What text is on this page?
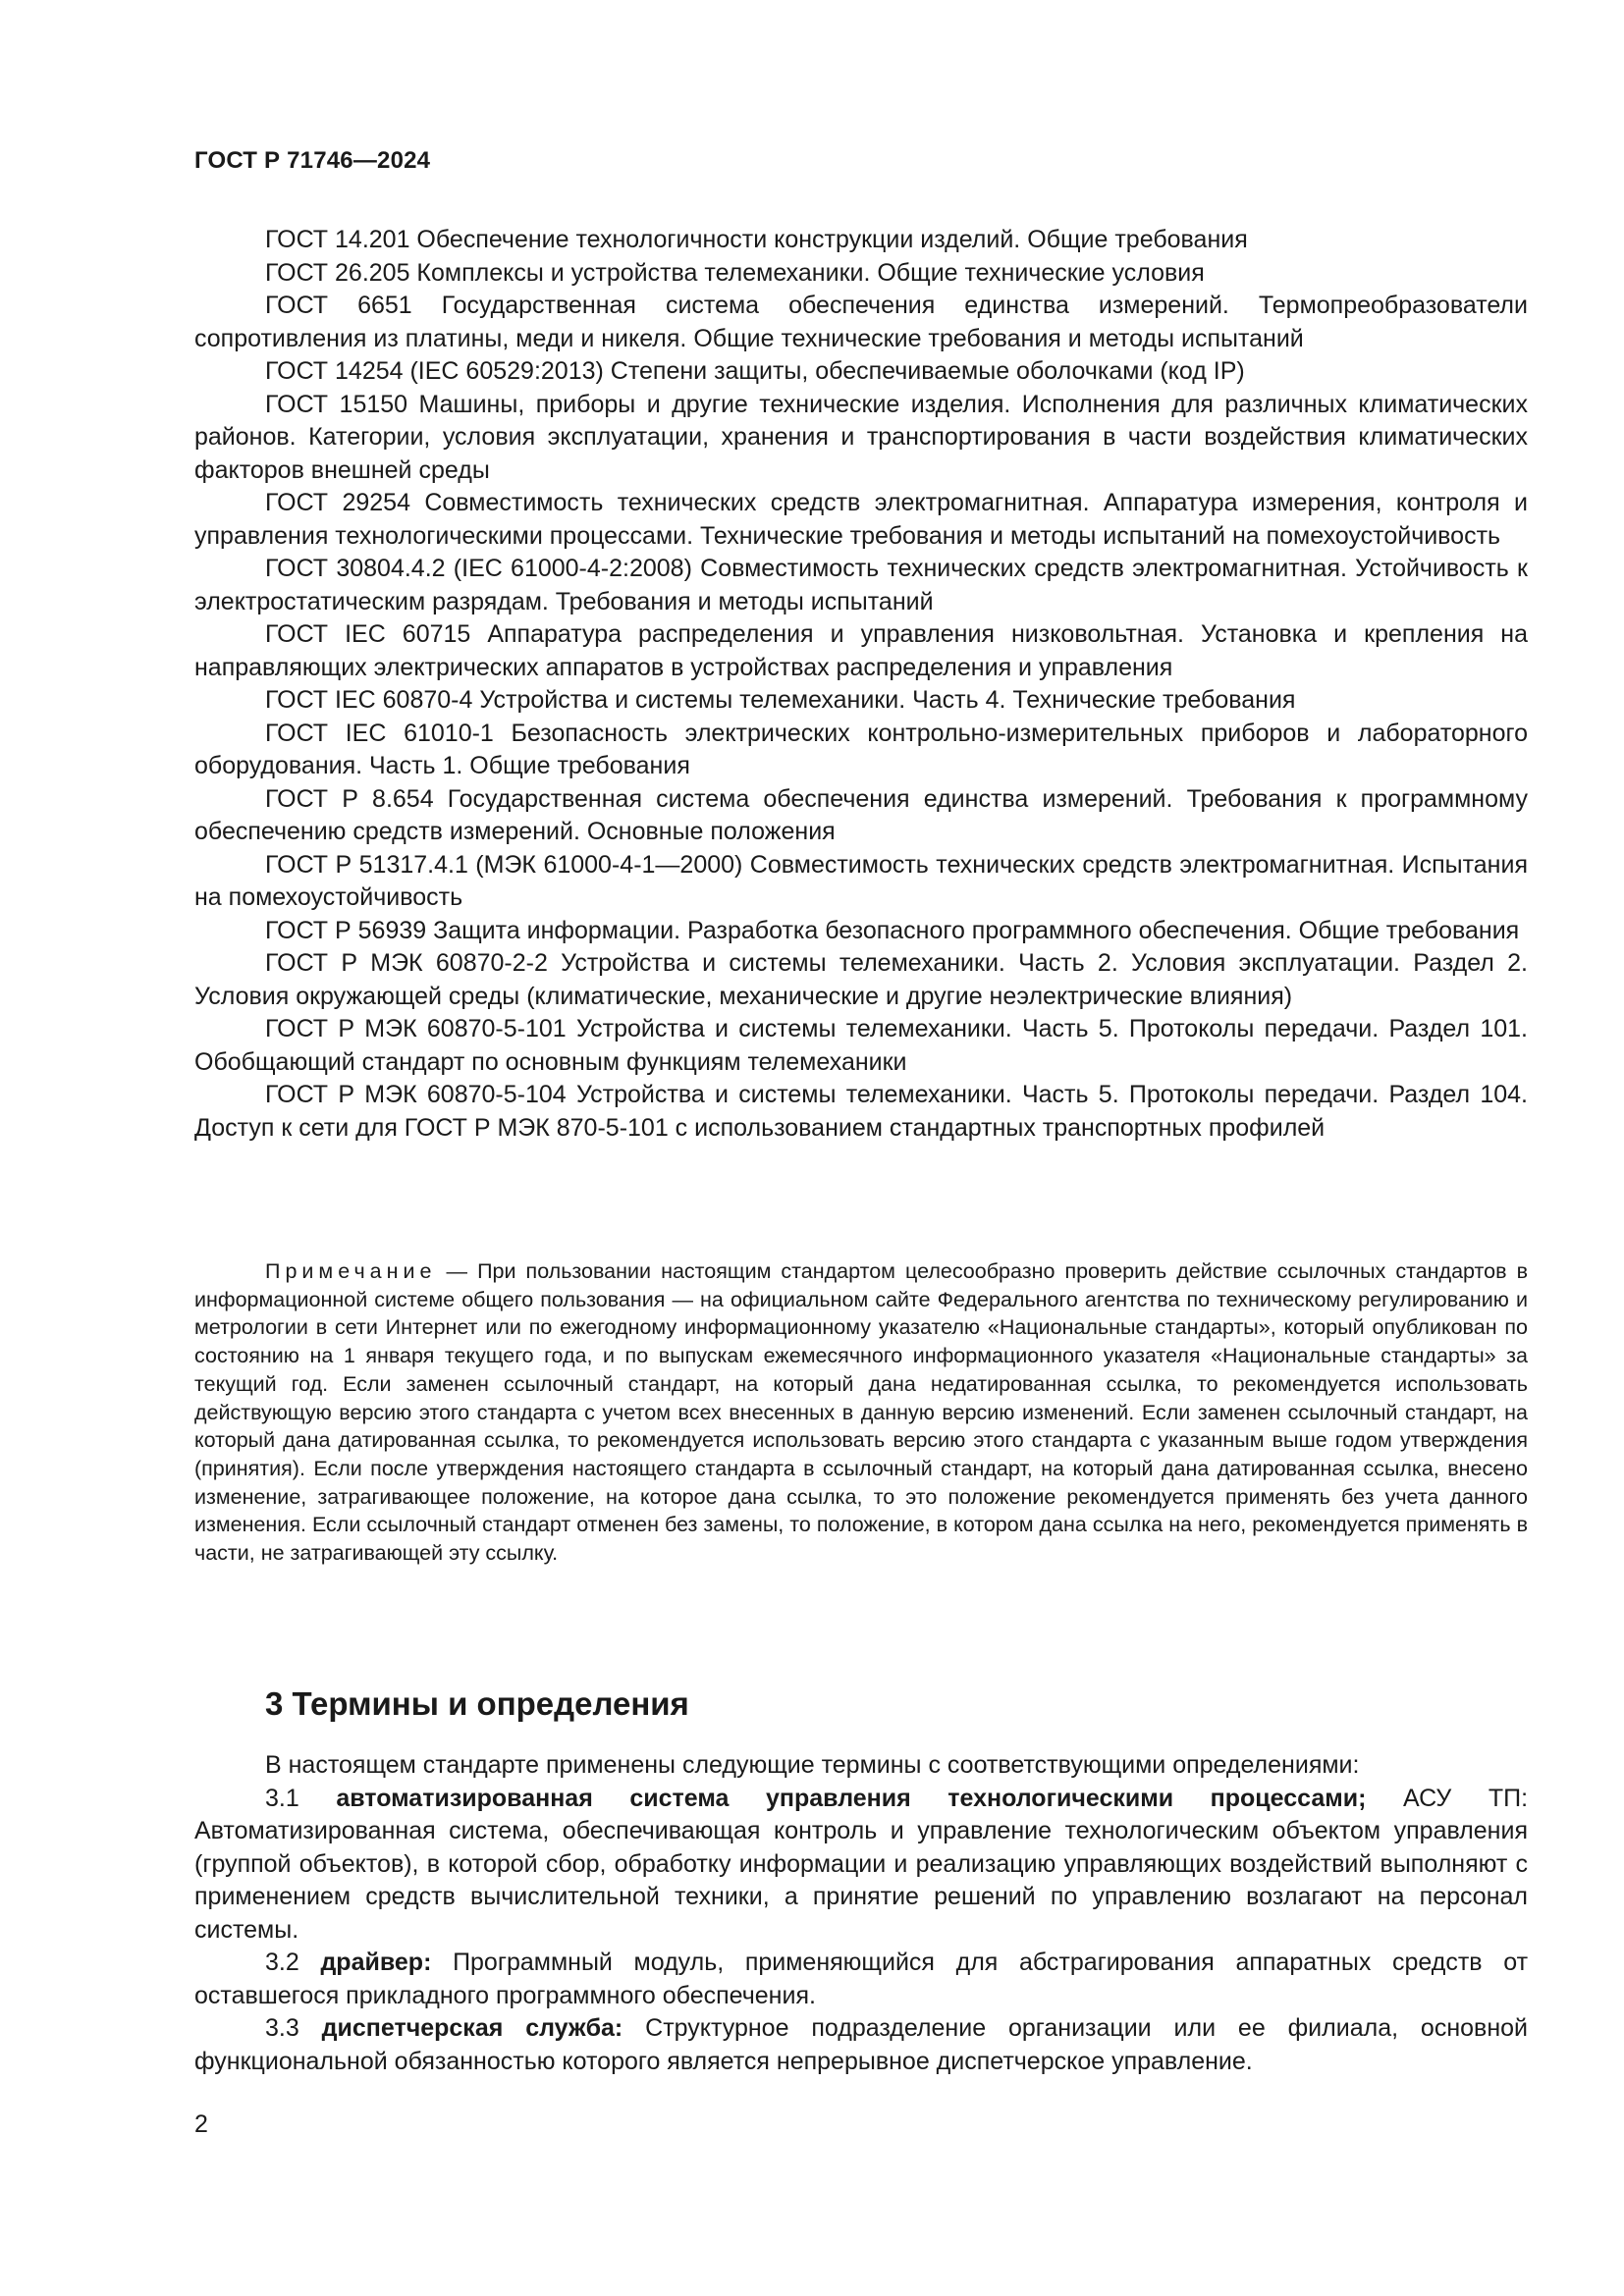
ГОСТ Р 71746—2024

ГОСТ 14.201 Обеспечение технологичности конструкции изделий. Общие требования

ГОСТ 26.205 Комплексы и устройства телемеханики. Общие технические условия

ГОСТ 6651 Государственная система обеспечения единства измерений. Термопреобразователи сопротивления из платины, меди и никеля. Общие технические требования и методы испытаний

ГОСТ 14254 (IEC 60529:2013) Степени защиты, обеспечиваемые оболочками (код IP)

ГОСТ 15150 Машины, приборы и другие технические изделия. Исполнения для различных климатических районов. Категории, условия эксплуатации, хранения и транспортирования в части воздействия климатических факторов внешней среды

ГОСТ 29254 Совместимость технических средств электромагнитная. Аппаратура измерения, контроля и управления технологическими процессами. Технические требования и методы испытаний на помехоустойчивость

ГОСТ 30804.4.2 (IEC 61000-4-2:2008) Совместимость технических средств электромагнитная. Устойчивость к электростатическим разрядам. Требования и методы испытаний

ГОСТ IEC 60715 Аппаратура распределения и управления низковольтная. Установка и крепления на направляющих электрических аппаратов в устройствах распределения и управления

ГОСТ IEC 60870-4 Устройства и системы телемеханики. Часть 4. Технические требования

ГОСТ IEC 61010-1 Безопасность электрических контрольно-измерительных приборов и лабораторного оборудования. Часть 1. Общие требования

ГОСТ Р 8.654 Государственная система обеспечения единства измерений. Требования к программному обеспечению средств измерений. Основные положения

ГОСТ Р 51317.4.1 (МЭК 61000-4-1—2000) Совместимость технических средств электромагнитная. Испытания на помехоустойчивость

ГОСТ Р 56939 Защита информации. Разработка безопасного программного обеспечения. Общие требования

ГОСТ Р МЭК 60870-2-2 Устройства и системы телемеханики. Часть 2. Условия эксплуатации. Раздел 2. Условия окружающей среды (климатические, механические и другие неэлектрические влияния)

ГОСТ Р МЭК 60870-5-101 Устройства и системы телемеханики. Часть 5. Протоколы передачи. Раздел 101. Обобщающий стандарт по основным функциям телемеханики

ГОСТ Р МЭК 60870-5-104 Устройства и системы телемеханики. Часть 5. Протоколы передачи. Раздел 104. Доступ к сети для ГОСТ Р МЭК 870-5-101 с использованием стандартных транспортных профилей

Примечание — При пользовании настоящим стандартом целесообразно проверить действие ссылочных стандартов в информационной системе общего пользования — на официальном сайте Федерального агентства по техническому регулированию и метрологии в сети Интернет или по ежегодному информационному указателю «Национальные стандарты», который опубликован по состоянию на 1 января текущего года, и по выпускам ежемесячного информационного указателя «Национальные стандарты» за текущий год. Если заменен ссылочный стандарт, на который дана недатированная ссылка, то рекомендуется использовать действующую версию этого стандарта с учетом всех внесенных в данную версию изменений. Если заменен ссылочный стандарт, на который дана датированная ссылка, то рекомендуется использовать версию этого стандарта с указанным выше годом утверждения (принятия). Если после утверждения настоящего стандарта в ссылочный стандарт, на который дана датированная ссылка, внесено изменение, затрагивающее положение, на которое дана ссылка, то это положение рекомендуется применять без учета данного изменения. Если ссылочный стандарт отменен без замены, то положение, в котором дана ссылка на него, рекомендуется применять в части, не затрагивающей эту ссылку.

3 Термины и определения

В настоящем стандарте применены следующие термины с соответствующими определениями:

3.1 автоматизированная система управления технологическими процессами; АСУ ТП: Автоматизированная система, обеспечивающая контроль и управление технологическим объектом управления (группой объектов), в которой сбор, обработку информации и реализацию управляющих воздействий выполняют с применением средств вычислительной техники, а принятие решений по управлению возлагают на персонал системы.

3.2 драйвер: Программный модуль, применяющийся для абстрагирования аппаратных средств от оставшегося прикладного программного обеспечения.

3.3 диспетчерская служба: Структурное подразделение организации или ее филиала, основной функциональной обязанностью которого является непрерывное диспетчерское управление.

2
